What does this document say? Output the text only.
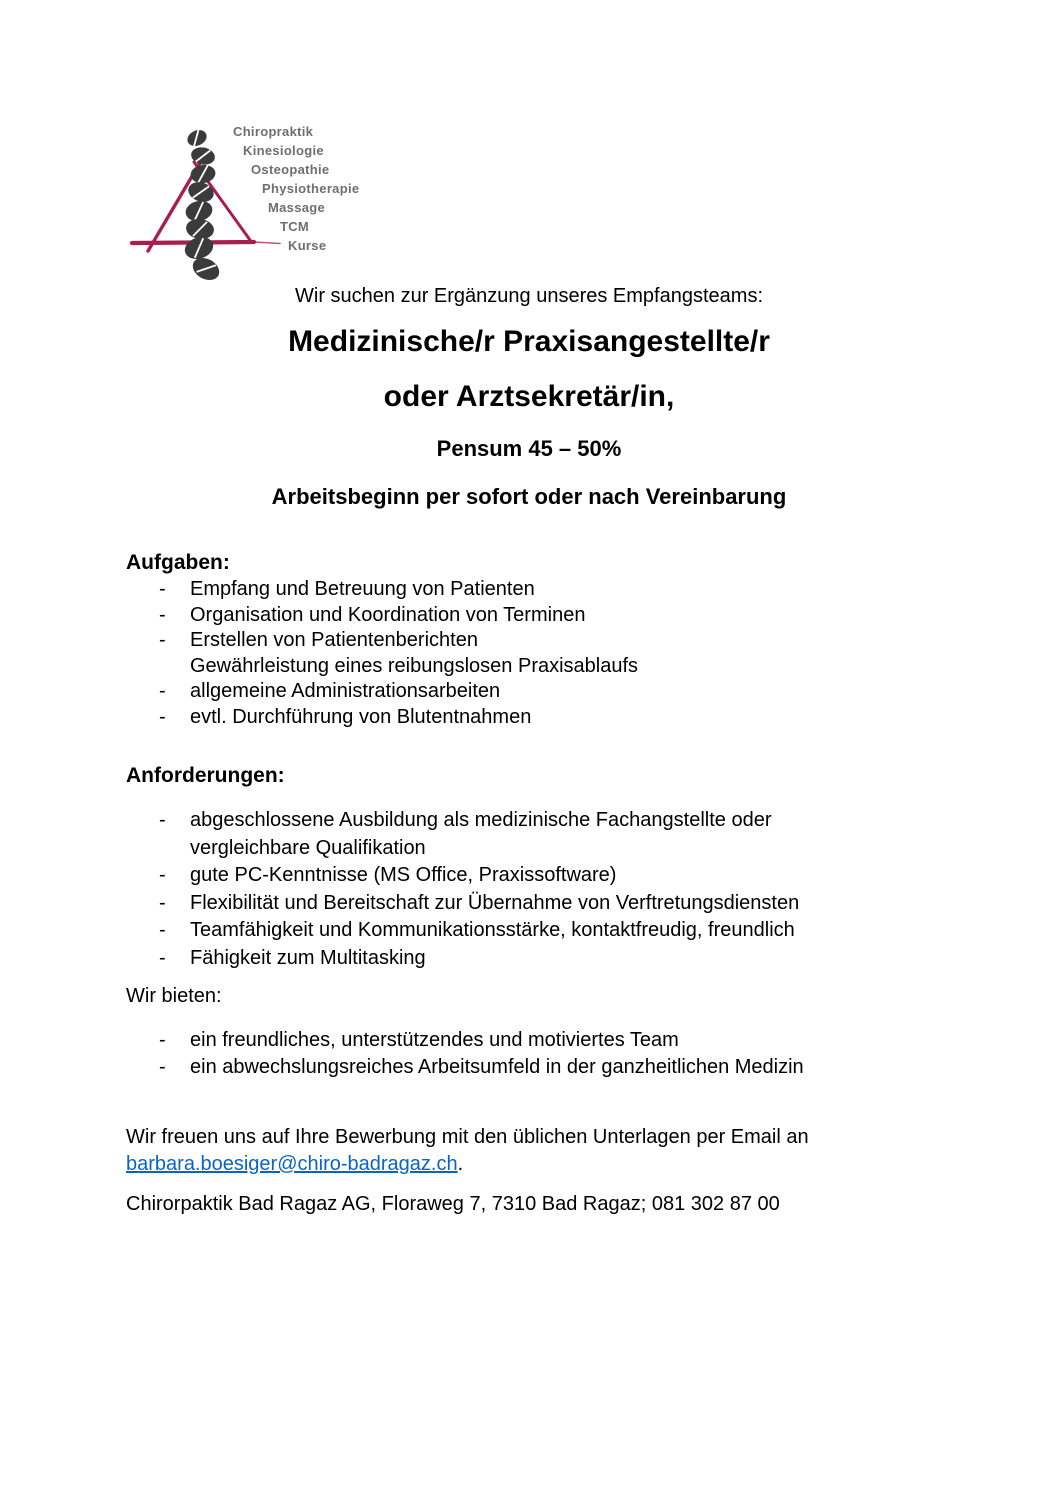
Chiropraktik
Kinesiologie
Osteopathie
Physiotherapie
Massage
TCM
Kurse
Wir suchen zur Ergänzung unseres Empfangsteams:
Medizinische/r Praxisangestellte/r
oder Arztsekretär/in,
Pensum 45 – 50%
Arbeitsbeginn per sofort oder nach Vereinbarung
Aufgaben:
-	Empfang und Betreuung von Patienten
-	Organisation und Koordination von Terminen
-	Erstellen von Patientenberichten
Gewährleistung eines reibungslosen Praxisablaufs
-	allgemeine Administrationsarbeiten
-	evtl. Durchführung von Blutentnahmen
Anforderungen:
-	abgeschlossene Ausbildung als medizinische Fachangstellte oder
vergleichbare Qualifikation
-	gute PC-Kenntnisse (MS Office, Praxissoftware)
-	Flexibilität und Bereitschaft zur Übernahme von Verftretungsdiensten
-	Teamfähigkeit und Kommunikationsstärke, kontaktfreudig, freundlich
-	Fähigkeit zum Multitasking
Wir bieten:
-	ein freundliches, unterstützendes und motiviertes Team
-	ein abwechslungsreiches Arbeitsumfeld in der ganzheitlichen Medizin

Wir freuen uns auf Ihre Bewerbung mit den üblichen Unterlagen per Email an
barbara.boesiger@chiro-badragaz.ch.

Chirorpaktik Bad Ragaz AG, Floraweg 7, 7310 Bad Ragaz; 081 302 87 00
